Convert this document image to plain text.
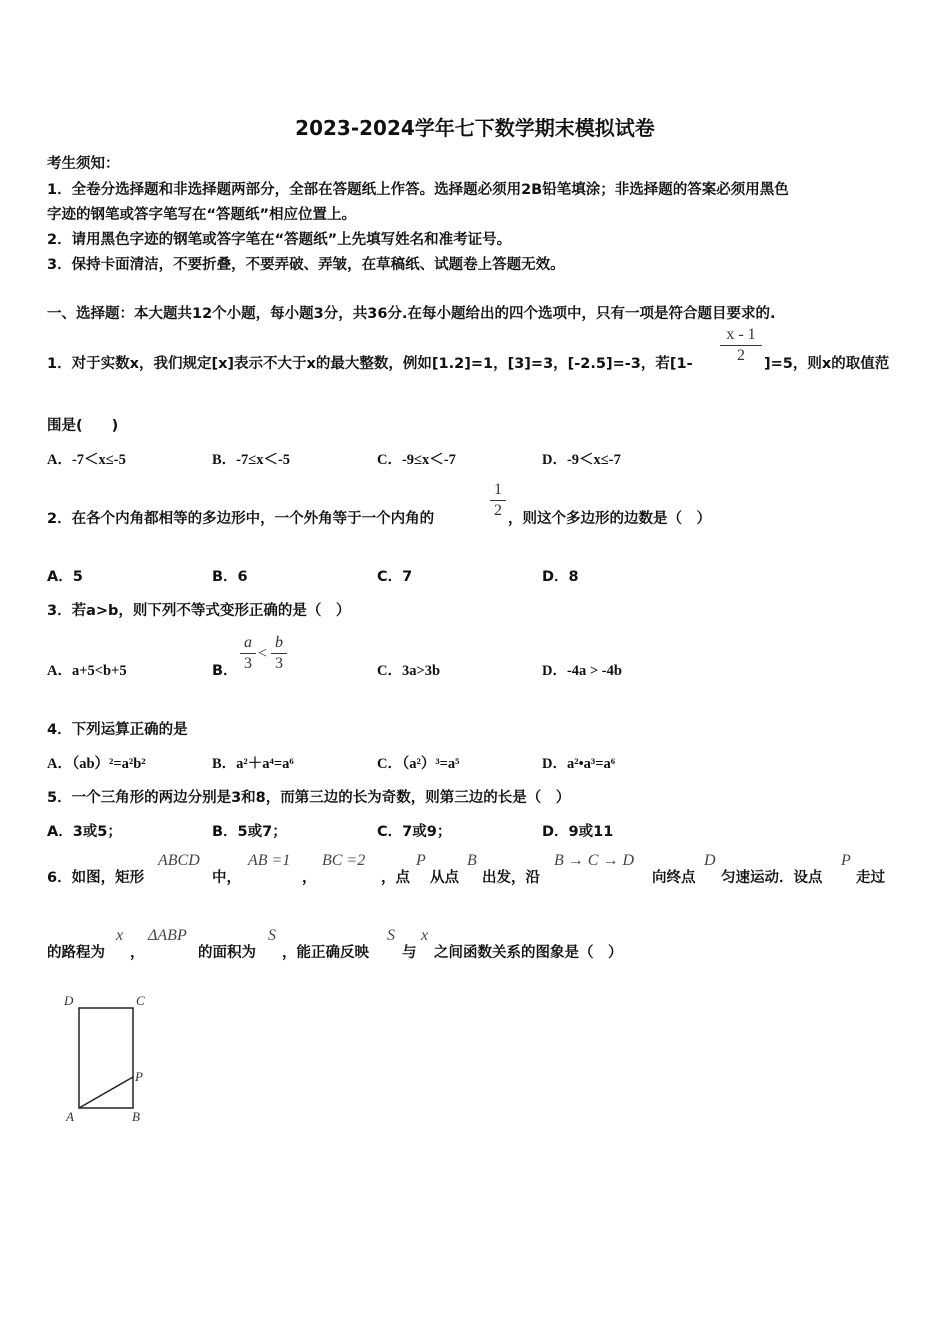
2023-2024学年七下数学期末模拟试卷
考生须知：
1．全卷分选择题和非选择题两部分，全部在答题纸上作答。选择题必须用2B铅笔填涂；非选择题的答案必须用黑色
字迹的钢笔或答字笔写在“答题纸”相应位置上。
2．请用黑色字迹的钢笔或答字笔在“答题纸”上先填写姓名和准考证号。
3．保持卡面清洁，不要折叠，不要弄破、弄皱，在草稿纸、试题卷上答题无效。
一、选择题：本大题共12个小题，每小题3分，共36分.在每小题给出的四个选项中，只有一项是符合题目要求的.
1．对于实数x，我们规定[x]表示不大于x的最大整数，例如[1.2]=1，[3]=3，[-2.5]=-3，若[1-
x - 1
2	]=5，则x的取值范
围是(　　)
A．-7＜x≤-5	B．-7≤x＜-5	C．-9≤x＜-7	D．-9＜x≤-7
2．在各个内角都相等的多边形中，一个外角等于一个内角的
1
2 ，则这个多边形的边数是（　）
A．5	B．6	C．7	D．8
3．若a>b，则下列不等式变形正确的是（　）
A．a+5<b+5	B．
a
3
<
b
3	C．3a>3b	D．-4a > -4b
4．下列运算正确的是
A．（ab）²=a²b²	B．a²＋a⁴=a⁶	C．（a²）³=a⁵	D．a²•a³=a⁶
5．一个三角形的两边分别是3和8，而第三边的长为奇数，则第三边的长是（　）
A．3或5；	B．5或7；	C．7或9；	D．9或11
6．如图，矩形
ABCD
中，
AB =1
，
BC =2
，点
P
从点
B
出发，沿
B → C → D
向终点
D
匀速运动．设点
P
走过
的路程为
x
，
ΔABP
的面积为
S
，能正确反映
S
与
x
之间函数关系的图象是（　）
D	C
P
A	B
